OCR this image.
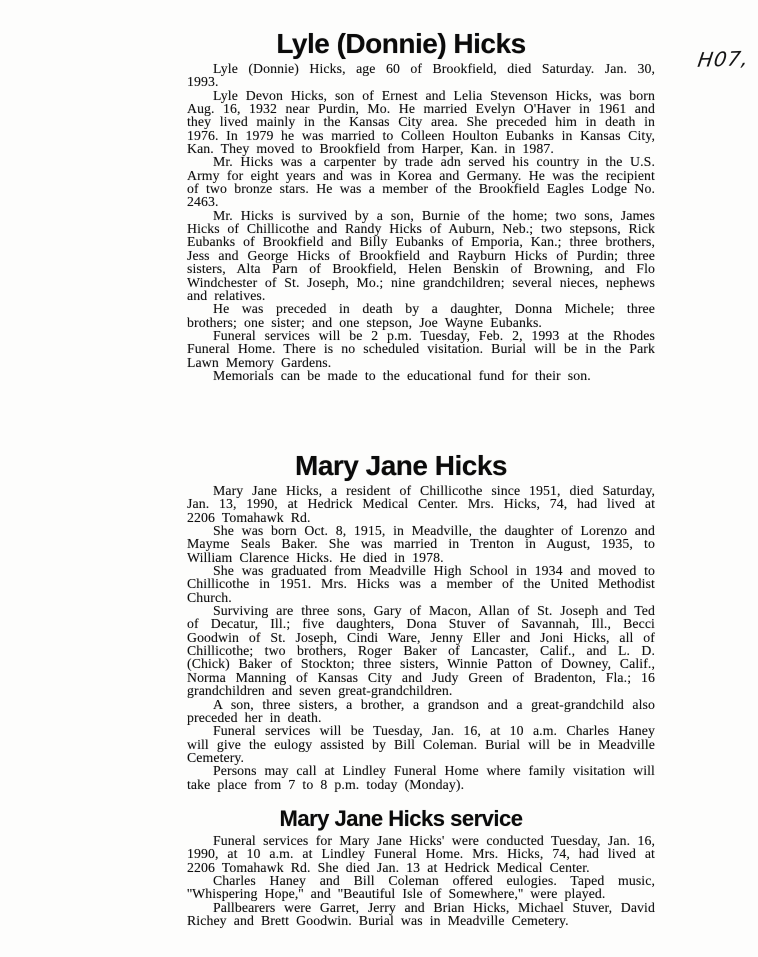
H07,
Lyle (Donnie) Hicks

Lyle (Donnie) Hicks, age 60 of Brookfield, died Saturday. Jan. 30, 1993.

Lyle Devon Hicks, son of Ernest and Lelia Stevenson Hicks, was born Aug. 16, 1932 near Purdin, Mo. He married Evelyn O'Haver in 1961 and they lived mainly in the Kansas City area. She preceded him in death in 1976. In 1979 he was married to Colleen Houlton Eubanks in Kansas City, Kan. They moved to Brookfield from Harper, Kan. in 1987.

Mr. Hicks was a carpenter by trade adn served his country in the U.S. Army for eight years and was in Korea and Germany. He was the recipient of two bronze stars. He was a member of the Brookfield Eagles Lodge No. 2463.

Mr. Hicks is survived by a son, Burnie of the home; two sons, James Hicks of Chillicothe and Randy Hicks of Auburn, Neb.; two stepsons, Rick Eubanks of Brookfield and Billy Eubanks of Emporia, Kan.; three brothers, Jess and George Hicks of Brookfield and Rayburn Hicks of Purdin; three sisters, Alta Parn of Brookfield, Helen Benskin of Browning, and Flo Windchester of St. Joseph, Mo.; nine grandchildren; several nieces, nephews and relatives.

He was preceded in death by a daughter, Donna Michele; three brothers; one sister; and one stepson, Joe Wayne Eubanks.

Funeral services will be 2 p.m. Tuesday, Feb. 2, 1993 at the Rhodes Funeral Home. There is no scheduled visitation. Burial will be in the Park Lawn Memory Gardens.

Memorials can be made to the educational fund for their son.

Mary Jane Hicks

Mary Jane Hicks, a resident of Chillicothe since 1951, died Saturday, Jan. 13, 1990, at Hedrick Medical Center. Mrs. Hicks, 74, had lived at 2206 Tomahawk Rd.

She was born Oct. 8, 1915, in Meadville, the daughter of Lorenzo and Mayme Seals Baker. She was married in Trenton in August, 1935, to William Clarence Hicks. He died in 1978.

She was graduated from Meadville High School in 1934 and moved to Chillicothe in 1951. Mrs. Hicks was a member of the United Methodist Church.

Surviving are three sons, Gary of Macon, Allan of St. Joseph and Ted of Decatur, Ill.; five daughters, Dona Stuver of Savannah, Ill., Becci Goodwin of St. Joseph, Cindi Ware, Jenny Eller and Joni Hicks, all of Chillicothe; two brothers, Roger Baker of Lancaster, Calif., and L. D. (Chick) Baker of Stockton; three sisters, Winnie Patton of Downey, Calif., Norma Manning of Kansas City and Judy Green of Bradenton, Fla.; 16 grandchildren and seven great-grandchildren.

A son, three sisters, a brother, a grandson and a great-grandchild also preceded her in death.

Funeral services will be Tuesday, Jan. 16, at 10 a.m. Charles Haney will give the eulogy assisted by Bill Coleman. Burial will be in Meadville Cemetery.

Persons may call at Lindley Funeral Home where family visitation will take place from 7 to 8 p.m. today (Monday).

Mary Jane Hicks service

Funeral services for Mary Jane Hicks' were conducted Tuesday, Jan. 16, 1990, at 10 a.m. at Lindley Funeral Home. Mrs. Hicks, 74, had lived at 2206 Tomahawk Rd. She died Jan. 13 at Hedrick Medical Center.

Charles Haney and Bill Coleman offered eulogies. Taped music, ''Whispering Hope,'' and ''Beautiful Isle of Somewhere,'' were played.

Pallbearers were Garret, Jerry and Brian Hicks, Michael Stuver, David Richey and Brett Goodwin. Burial was in Meadville Cemetery.
